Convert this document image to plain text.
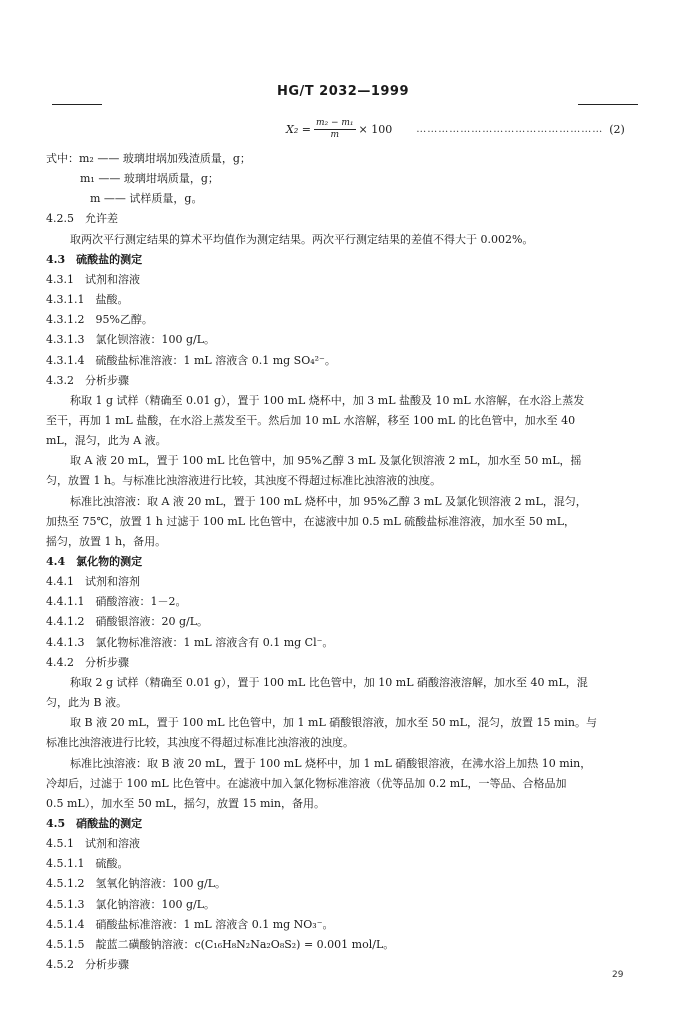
HG/T 2032—1999
$X_2 = \frac{\text{m₂ − m₁}}{m} \times 100$ …………………………………………… (2)
式中：m₂ —— 玻璃坩埚加残渣质量，g；
m₁ —— 玻璃坩埚质量，g；
m —— 试样质量，g。
4.2.5　允许差
取两次平行测定结果的算术平均值作为测定结果。两次平行测定结果的差值不得大于 0.002%。
4.3　硫酸盐的测定
4.3.1　试剂和溶液
4.3.1.1　盐酸。
4.3.1.2　95%乙醇。
4.3.1.3　氯化钡溶液：100 g/L。
4.3.1.4　硫酸盐标准溶液：1 mL 溶液含 0.1 mg SO₄²⁻。
4.3.2　分析步骤
称取 1 g 试样（精确至 0.01 g），置于 100 mL 烧杯中，加 3 mL 盐酸及 10 mL 水溶解，在水浴上蒸发
至干，再加 1 mL 盐酸，在水浴上蒸发至干。然后加 10 mL 水溶解，移至 100 mL 的比色管中，加水至 40
mL，混匀，此为 A 液。
取 A 液 20 mL，置于 100 mL 比色管中，加 95%乙醇 3 mL 及氯化钡溶液 2 mL，加水至 50 mL，摇
匀，放置 1 h。与标准比浊溶液进行比较，其浊度不得超过标准比浊溶液的浊度。
标准比浊溶液：取 A 液 20 mL，置于 100 mL 烧杯中，加 95%乙醇 3 mL 及氯化钡溶液 2 mL，混匀，
加热至 75℃，放置 1 h 过滤于 100 mL 比色管中，在滤液中加 0.5 mL 硫酸盐标准溶液，加水至 50 mL，
摇匀，放置 1 h，备用。
4.4　氯化物的测定
4.4.1　试剂和溶剂
4.4.1.1　硝酸溶液：1－2。
4.4.1.2　硝酸银溶液：20 g/L。
4.4.1.3　氯化物标准溶液：1 mL 溶液含有 0.1 mg Cl⁻。
4.4.2　分析步骤
称取 2 g 试样（精确至 0.01 g），置于 100 mL 比色管中，加 10 mL 硝酸溶液溶解，加水至 40 mL，混
匀，此为 B 液。
取 B 液 20 mL，置于 100 mL 比色管中，加 1 mL 硝酸银溶液，加水至 50 mL，混匀，放置 15 min。与
标准比浊溶液进行比较，其浊度不得超过标准比浊溶液的浊度。
标准比浊溶液：取 B 液 20 mL，置于 100 mL 烧杯中，加 1 mL 硝酸银溶液，在沸水浴上加热 10 min，
冷却后，过滤于 100 mL 比色管中。在滤液中加入氯化物标准溶液（优等品加 0.2 mL，一等品、合格品加
0.5 mL），加水至 50 mL，摇匀，放置 15 min，备用。
4.5　硝酸盐的测定
4.5.1　试剂和溶液
4.5.1.1　硫酸。
4.5.1.2　氢氧化钠溶液：100 g/L。
4.5.1.3　氯化钠溶液：100 g/L。
4.5.1.4　硝酸盐标准溶液：1 mL 溶液含 0.1 mg NO₃⁻。
4.5.1.5　靛蓝二磺酸钠溶液：c(C₁₆H₈N₂Na₂O₈S₂) = 0.001 mol/L。
4.5.2　分析步骤
29
